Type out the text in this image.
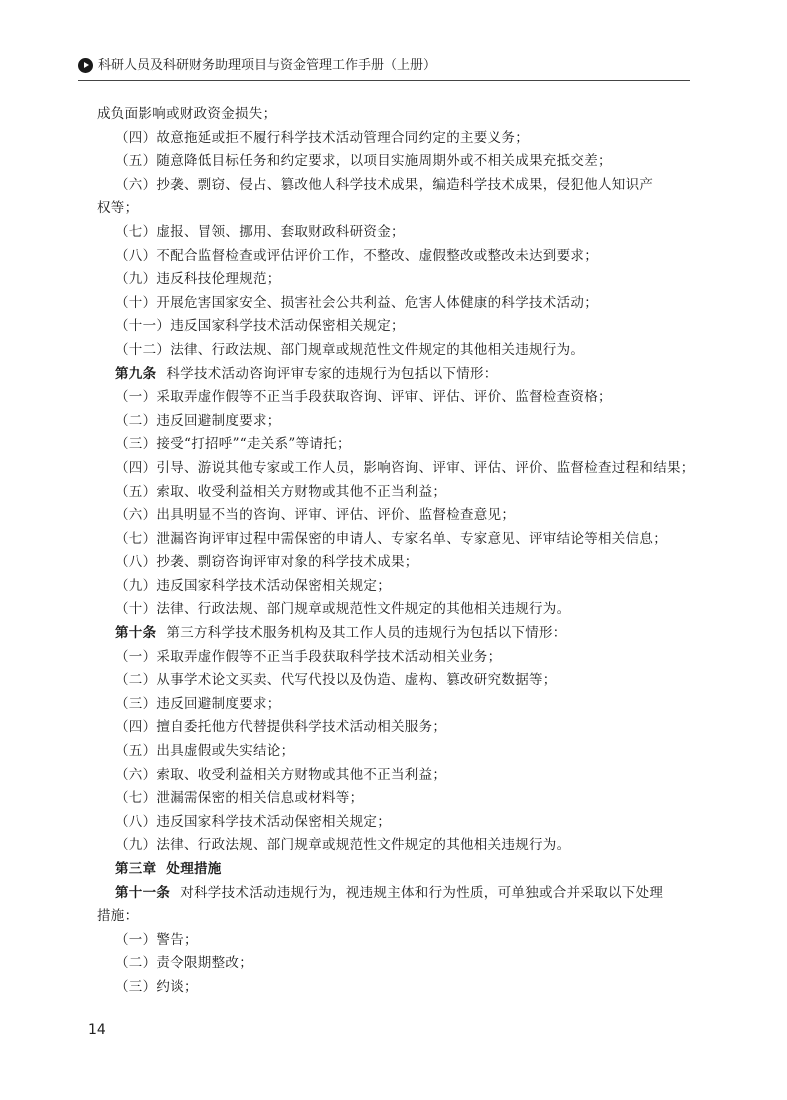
科研人员及科研财务助理项目与资金管理工作手册（上册）
成负面影响或财政资金损失；
（四）故意拖延或拒不履行科学技术活动管理合同约定的主要义务；
（五）随意降低目标任务和约定要求，以项目实施周期外或不相关成果充抵交差；
（六）抄袭、剽窃、侵占、篡改他人科学技术成果，编造科学技术成果，侵犯他人知识产
权等；
（七）虚报、冒领、挪用、套取财政科研资金；
（八）不配合监督检查或评估评价工作，不整改、虚假整改或整改未达到要求；
（九）违反科技伦理规范；
（十）开展危害国家安全、损害社会公共利益、危害人体健康的科学技术活动；
（十一）违反国家科学技术活动保密相关规定；
（十二）法律、行政法规、部门规章或规范性文件规定的其他相关违规行为。
第九条 科学技术活动咨询评审专家的违规行为包括以下情形：
（一）采取弄虚作假等不正当手段获取咨询、评审、评估、评价、监督检查资格；
（二）违反回避制度要求；
（三）接受“打招呼”“走关系”等请托；
（四）引导、游说其他专家或工作人员，影响咨询、评审、评估、评价、监督检查过程和结果；
（五）索取、收受利益相关方财物或其他不正当利益；
（六）出具明显不当的咨询、评审、评估、评价、监督检查意见；
（七）泄漏咨询评审过程中需保密的申请人、专家名单、专家意见、评审结论等相关信息；
（八）抄袭、剽窃咨询评审对象的科学技术成果；
（九）违反国家科学技术活动保密相关规定；
（十）法律、行政法规、部门规章或规范性文件规定的其他相关违规行为。
第十条 第三方科学技术服务机构及其工作人员的违规行为包括以下情形：
（一）采取弄虚作假等不正当手段获取科学技术活动相关业务；
（二）从事学术论文买卖、代写代投以及伪造、虚构、篡改研究数据等；
（三）违反回避制度要求；
（四）擅自委托他方代替提供科学技术活动相关服务；
（五）出具虚假或失实结论；
（六）索取、收受利益相关方财物或其他不正当利益；
（七）泄漏需保密的相关信息或材料等；
（八）违反国家科学技术活动保密相关规定；
（九）法律、行政法规、部门规章或规范性文件规定的其他相关违规行为。
第三章 处理措施
第十一条 对科学技术活动违规行为，视违规主体和行为性质，可单独或合并采取以下处理
措施：
（一）警告；
（二）责令限期整改；
（三）约谈；
14
